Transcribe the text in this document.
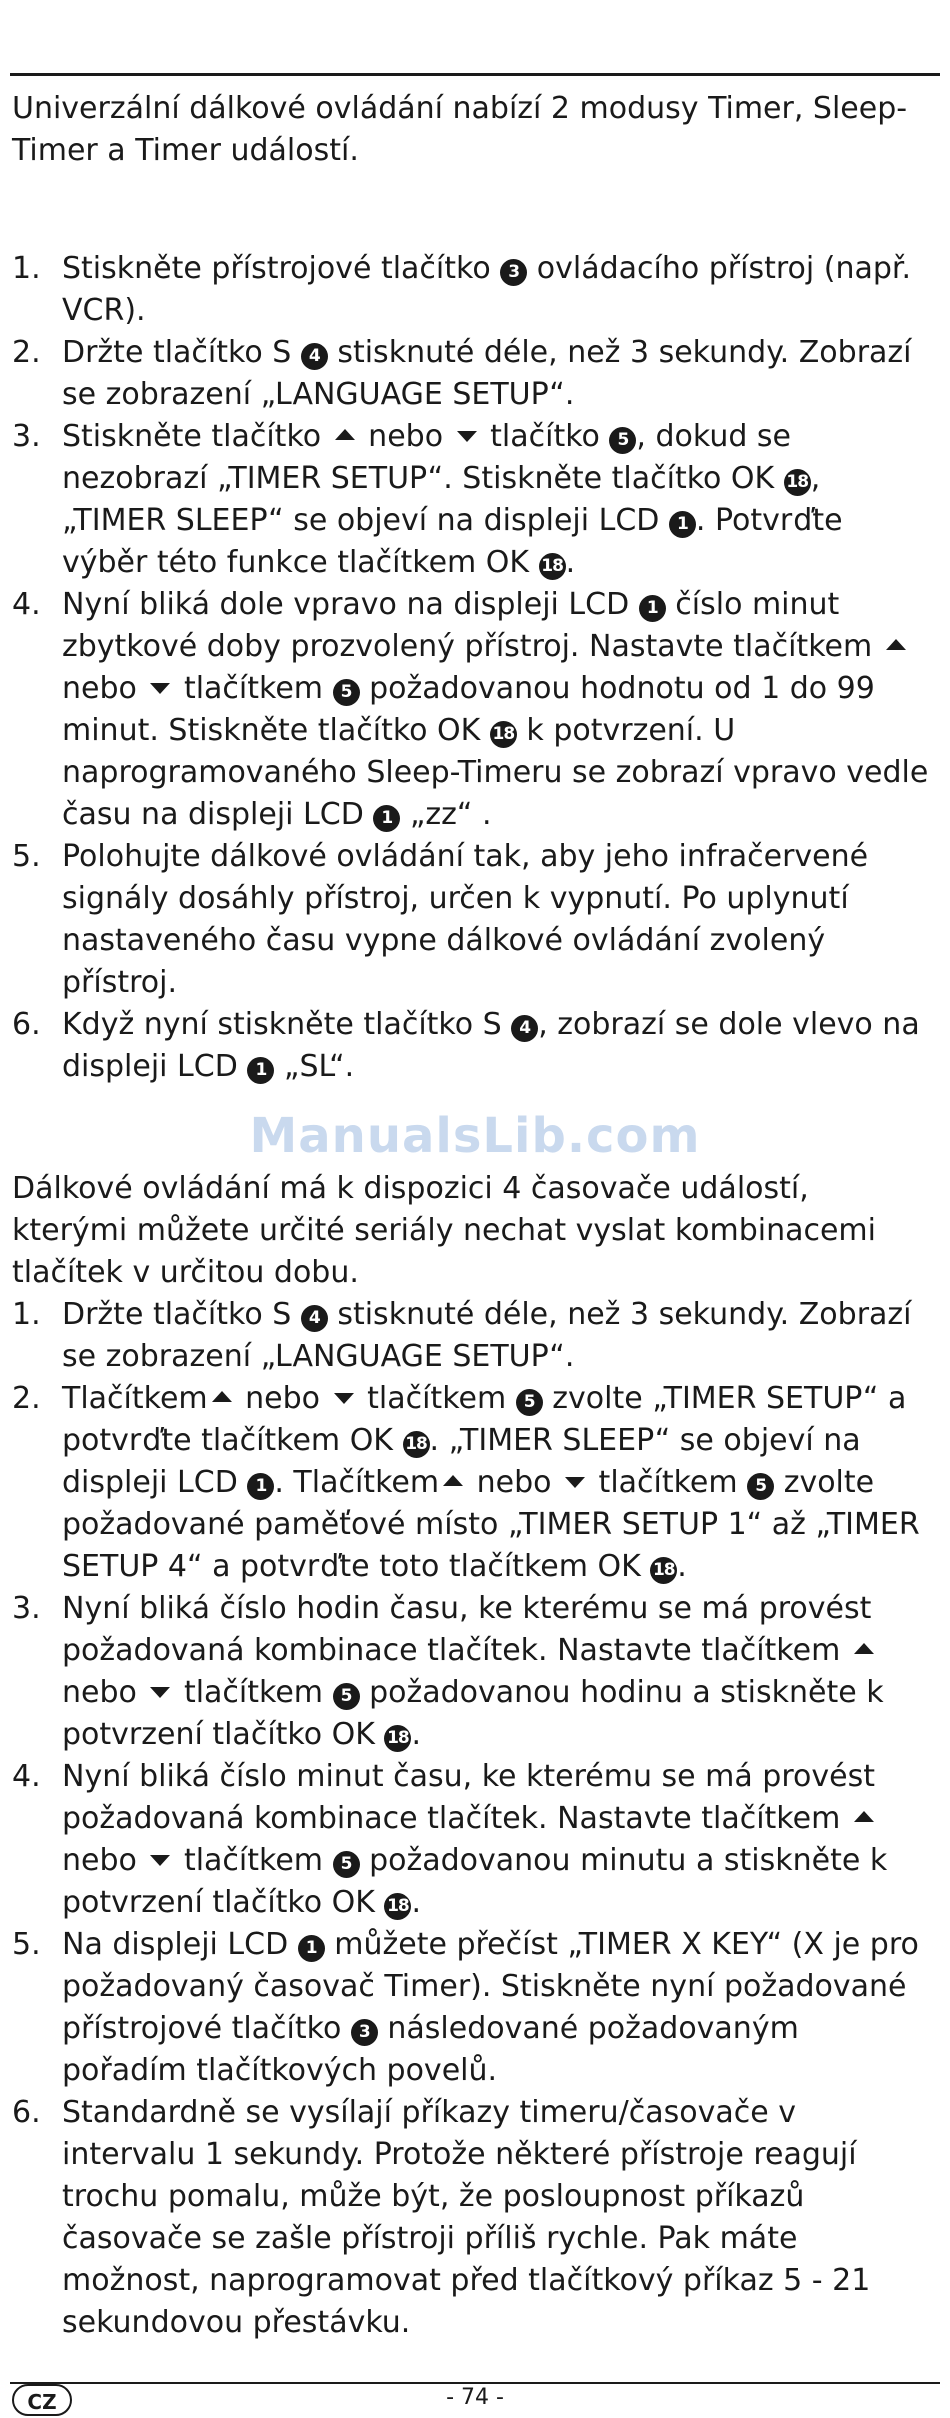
Univerzální dálkové ovládání nabízí 2 modusy Timer, Sleep-Timer a Timer událostí.
1. Stiskněte přístrojové tlačítko 3 ovládacího přístroj (např. VCR).
2. Držte tlačítko S 4 stisknuté déle, než 3 sekundy. Zobrazí se zobrazení „LANGUAGE SETUP“.
3. Stiskněte tlačítko  nebo  tlačítko 5 , dokud se nezobrazí „TIMER SETUP“. Stiskněte tlačítko OK 18, „TIMER SLEEP“ se objeví na displeji LCD 1 . Potvrďte výběr této funkce tlačítkem OK 18.
4. Nyní bliká dole vpravo na displeji LCD 1 číslo minut zbytkové doby prozvolený přístroj. Nastavte tlačítkem  nebo  tlačítkem 5 požadovanou hodnotu od 1 do 99 minut. Stiskněte tlačítko OK 18 k potvrzení. U naprogramovaného Sleep-Timeru se zobrazí vpravo vedle času na displeji LCD 1 „zz“ .
5. Polohujte dálkové ovládání tak, aby jeho infračervené signály dosáhly přístroj, určen k vypnutí. Po uplynutí nastaveného času vypne dálkové ovládání zvolený přístroj.
6. Když nyní stiskněte tlačítko S 4 , zobrazí se dole vlevo na displeji LCD 1 „SL“.
ManualsLib.com
Dálkové ovládání má k dispozici 4 časovače událostí, kterými můžete určité seriály nechat vyslat kombinacemi tlačítek v určitou dobu.
1. Držte tlačítko S 4 stisknuté déle, než 3 sekundy. Zobrazí se zobrazení „LANGUAGE SETUP“.
2. Tlačítkem nebo  tlačítkem 5 zvolte „TIMER SETUP“ a potvrďte tlačítkem OK 18. „TIMER SLEEP“ se objeví na displeji LCD 1 . Tlačítkem nebo  tlačítkem 5 zvolte požadované paměťové místo „TIMER SETUP 1“ až „TIMER SETUP 4“ a potvrďte toto tlačítkem OK 18.
3. Nyní bliká číslo hodin času, ke kterému se má provést požadovaná kombinace tlačítek. Nastavte tlačítkem  nebo  tlačítkem 5 požadovanou hodinu a stiskněte k potvrzení tlačítko OK 18.
4. Nyní bliká číslo minut času, ke kterému se má provést požadovaná kombinace tlačítek. Nastavte tlačítkem  nebo  tlačítkem 5 požadovanou minutu a stiskněte k potvrzení tlačítko OK 18.
5. Na displeji LCD 1 můžete přečíst „TIMER X KEY“ (X je pro požadovaný časovač Timer). Stiskněte nyní požadované přístrojové tlačítko 3 následované požadovaným pořadím tlačítkových povelů.
6. Standardně se vysílají příkazy timeru/časovače v intervalu 1 sekundy. Protože některé přístroje reagují trochu pomalu, může být, že posloupnost příkazů časovače se zašle přístroji příliš rychle. Pak máte možnost, naprogramovat před tlačítkový příkaz 5 - 21 sekundovou přestávku.
- 74 -
CZ
